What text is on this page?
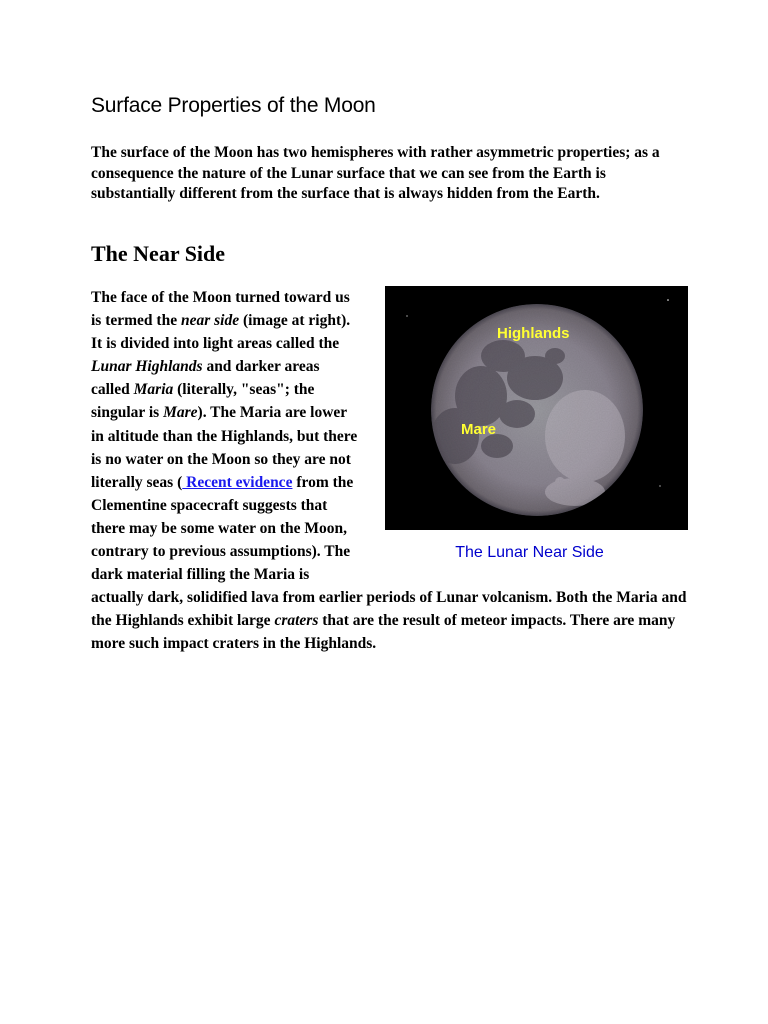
Surface Properties of the Moon

The surface of the Moon has two hemispheres with rather asymmetric properties; as a consequence the nature of the Lunar surface that we can see from the Earth is substantially different from the surface that is always hidden from the Earth.

The Near Side
Highlands
Mare
The Lunar Near Side
The face of the Moon turned toward us is termed the near side (image at right). It is divided into light areas called the Lunar Highlands and darker areas called Maria (literally, "seas"; the singular is Mare). The Maria are lower in altitude than the Highlands, but there is no water on the Moon so they are not literally seas ( Recent evidence from the Clementine spacecraft suggests that there may be some water on the Moon, contrary to previous assumptions). The dark material filling the Maria is actually dark, solidified lava from earlier periods of Lunar volcanism. Both the Maria and the Highlands exhibit large craters that are the result of meteor impacts. There are many more such impact craters in the Highlands.
